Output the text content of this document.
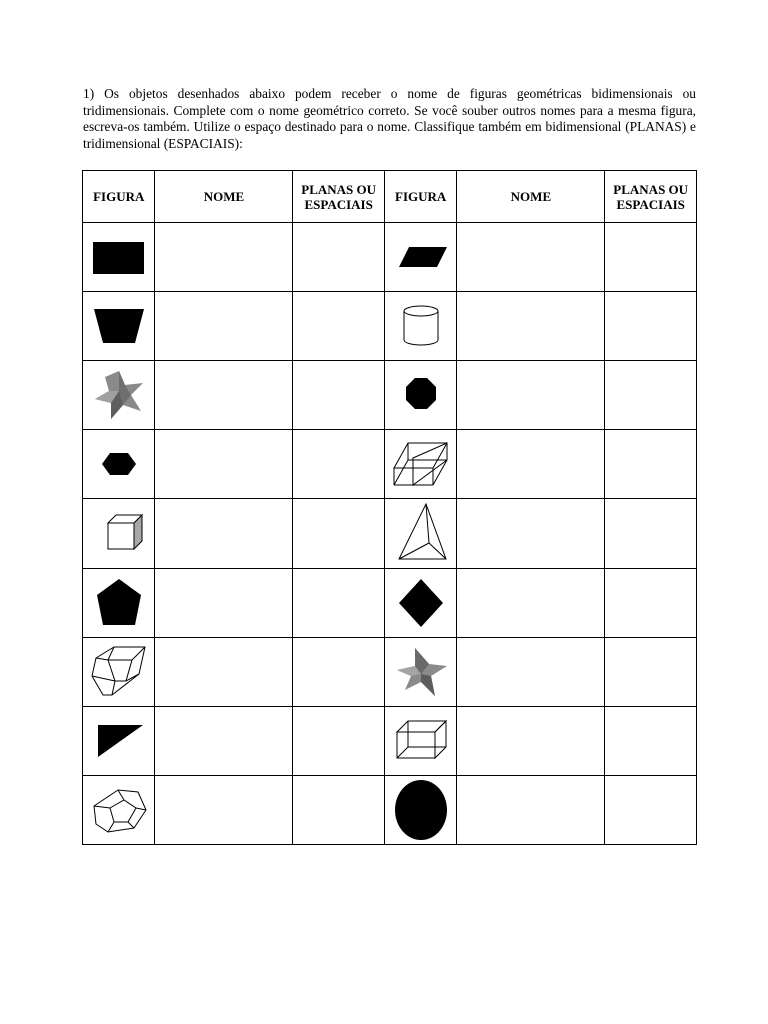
1) Os objetos desenhados abaixo podem receber o nome de figuras geométricas bidimensionais ou tridimensionais. Complete com o nome geométrico correto. Se você souber outros nomes para a mesma figura, escreva-os também. Utilize o espaço destinado para o nome. Classifique também em bidimensional (PLANAS) e tridimensional (ESPACIAIS):

FIGURA	NOME	PLANAS OU ESPACIAIS	FIGURA	NOME	PLANAS OU ESPACIAIS
